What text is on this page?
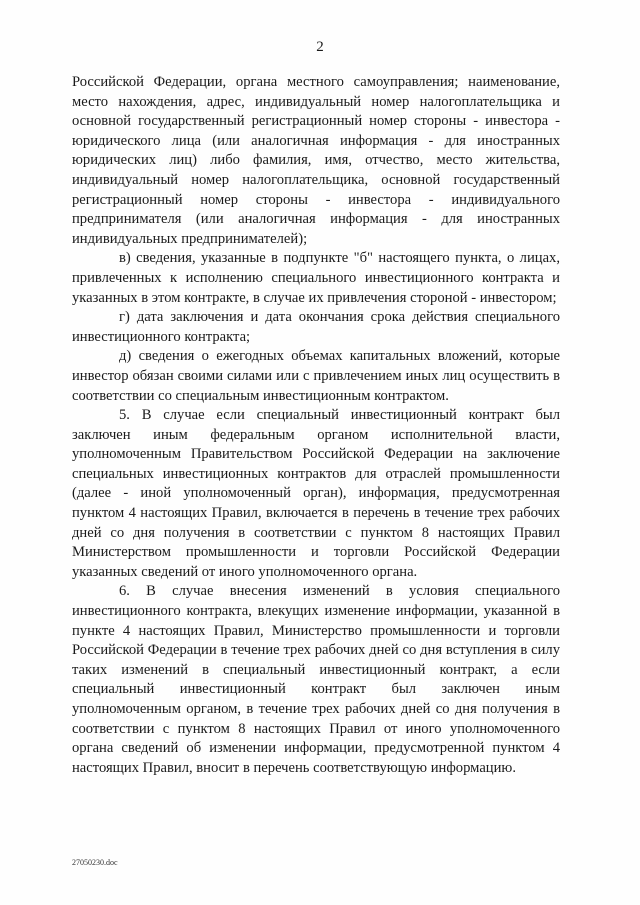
2

Российской Федерации, органа местного самоуправления; наименование, место нахождения, адрес, индивидуальный номер налогоплательщика и основной государственный регистрационный номер стороны - инвестора - юридического лица (или аналогичная информация - для иностранных юридических лиц) либо фамилия, имя, отчество, место жительства, индивидуальный номер налогоплательщика, основной государственный регистрационный номер стороны - инвестора - индивидуального предпринимателя (или аналогичная информация - для иностранных индивидуальных предпринимателей);

в) сведения, указанные в подпункте "б" настоящего пункта, о лицах, привлеченных к исполнению специального инвестиционного контракта и указанных в этом контракте, в случае их привлечения стороной - инвестором;

г) дата заключения и дата окончания срока действия специального инвестиционного контракта;

д) сведения о ежегодных объемах капитальных вложений, которые инвестор обязан своими силами или с привлечением иных лиц осуществить в соответствии со специальным инвестиционным контрактом.

5. В случае если специальный инвестиционный контракт был заключен иным федеральным органом исполнительной власти, уполномоченным Правительством Российской Федерации на заключение специальных инвестиционных контрактов для отраслей промышленности (далее - иной уполномоченный орган), информация, предусмотренная пунктом 4 настоящих Правил, включается в перечень в течение трех рабочих дней со дня получения в соответствии с пунктом 8 настоящих Правил Министерством промышленности и торговли Российской Федерации указанных сведений от иного уполномоченного органа.

6. В случае внесения изменений в условия специального инвестиционного контракта, влекущих изменение информации, указанной в пункте 4 настоящих Правил, Министерство промышленности и торговли Российской Федерации в течение трех рабочих дней со дня вступления в силу таких изменений в специальный инвестиционный контракт, а если специальный инвестиционный контракт был заключен иным уполномоченным органом, в течение трех рабочих дней со дня получения в соответствии с пунктом 8 настоящих Правил от иного уполномоченного органа сведений об изменении информации, предусмотренной пунктом 4 настоящих Правил, вносит в перечень соответствующую информацию.

27050230.doc
